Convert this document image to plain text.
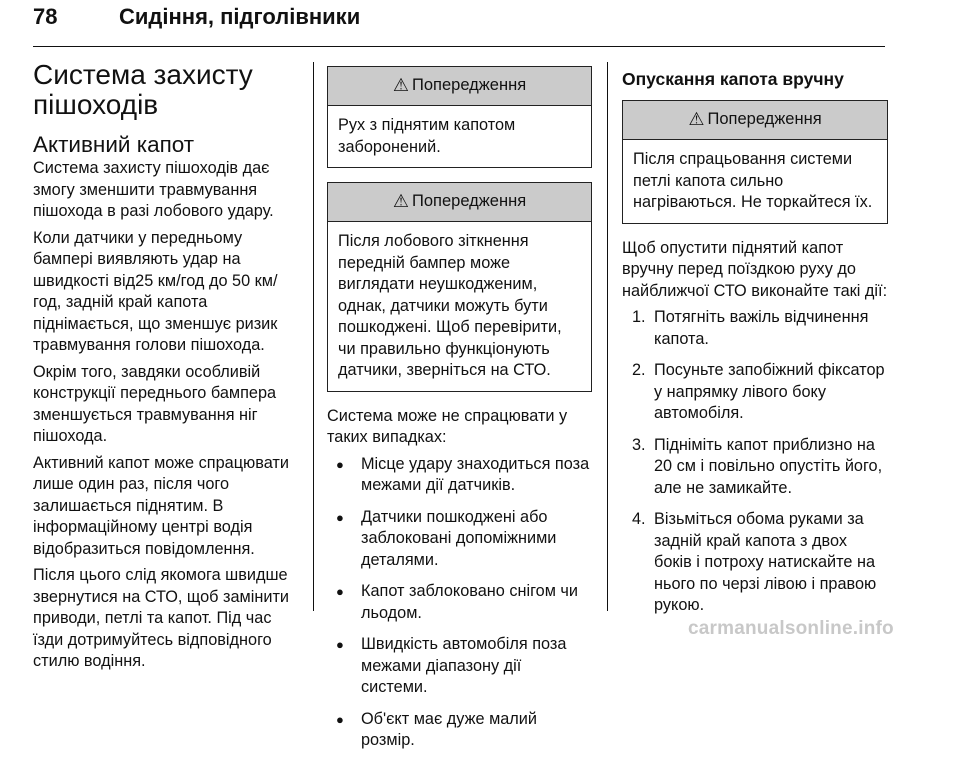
78	Сидіння, підголівники
Система захисту пішоходів
Активний капот

Система захисту пішоходів дає змогу зменшити травмування пішохода в разі лобового удару.

Коли датчики у передньому бампері виявляють удар на швидкості від25 км/год до 50 км/год, задній край капота піднімається, що зменшує ризик травмування голови пішохода.

Окрім того, завдяки особливій конструкції переднього бампера зменшується травмування ніг пішохода.

Активний капот може спрацювати лише один раз, після чого залишається піднятим. В інформаційному центрі водія відобразиться повідомлення.

Після цього слід якомога швидше звернутися на СТО, щоб замінити приводи, петлі та капот. Під час їзди дотримуйтесь відповідного стилю водіння.

⚠ Попередження
Рух з піднятим капотом заборонений.
⚠ Попередження
Після лобового зіткнення передній бампер може виглядати неушкодженим, однак, датчики можуть бути пошкоджені. Щоб перевірити, чи правильно функціонують датчики, зверніться на СТО.

Система може не спрацювати у таких випадках:

● Місце удару знаходиться поза межами дії датчиків.
● Датчики пошкоджені або заблоковані допоміжними деталями.
● Капот заблоковано снігом чи льодом.
● Швидкість автомобіля поза межами діапазону дії системи.
● Об'єкт має дуже малий розмір.
Опускання капота вручну
⚠ Попередження
Після спрацьовання системи петлі капота сильно нагріваються. Не торкайтеся їх.

Щоб опустити піднятий капот вручну перед поїздкою руху до найближчої СТО виконайте такі дії:

1. Потягніть важіль відчинення капота.
2. Посуньте запобіжний фіксатор у напрямку лівого боку автомобіля.
3. Підніміть капот приблизно на 20 см і повільно опустіть його, але не замикайте.
4. Візьміться обома руками за задній край капота з двох боків і потроху натискайте на нього по черзі лівою і правою рукою.
carmanualsonline.info
